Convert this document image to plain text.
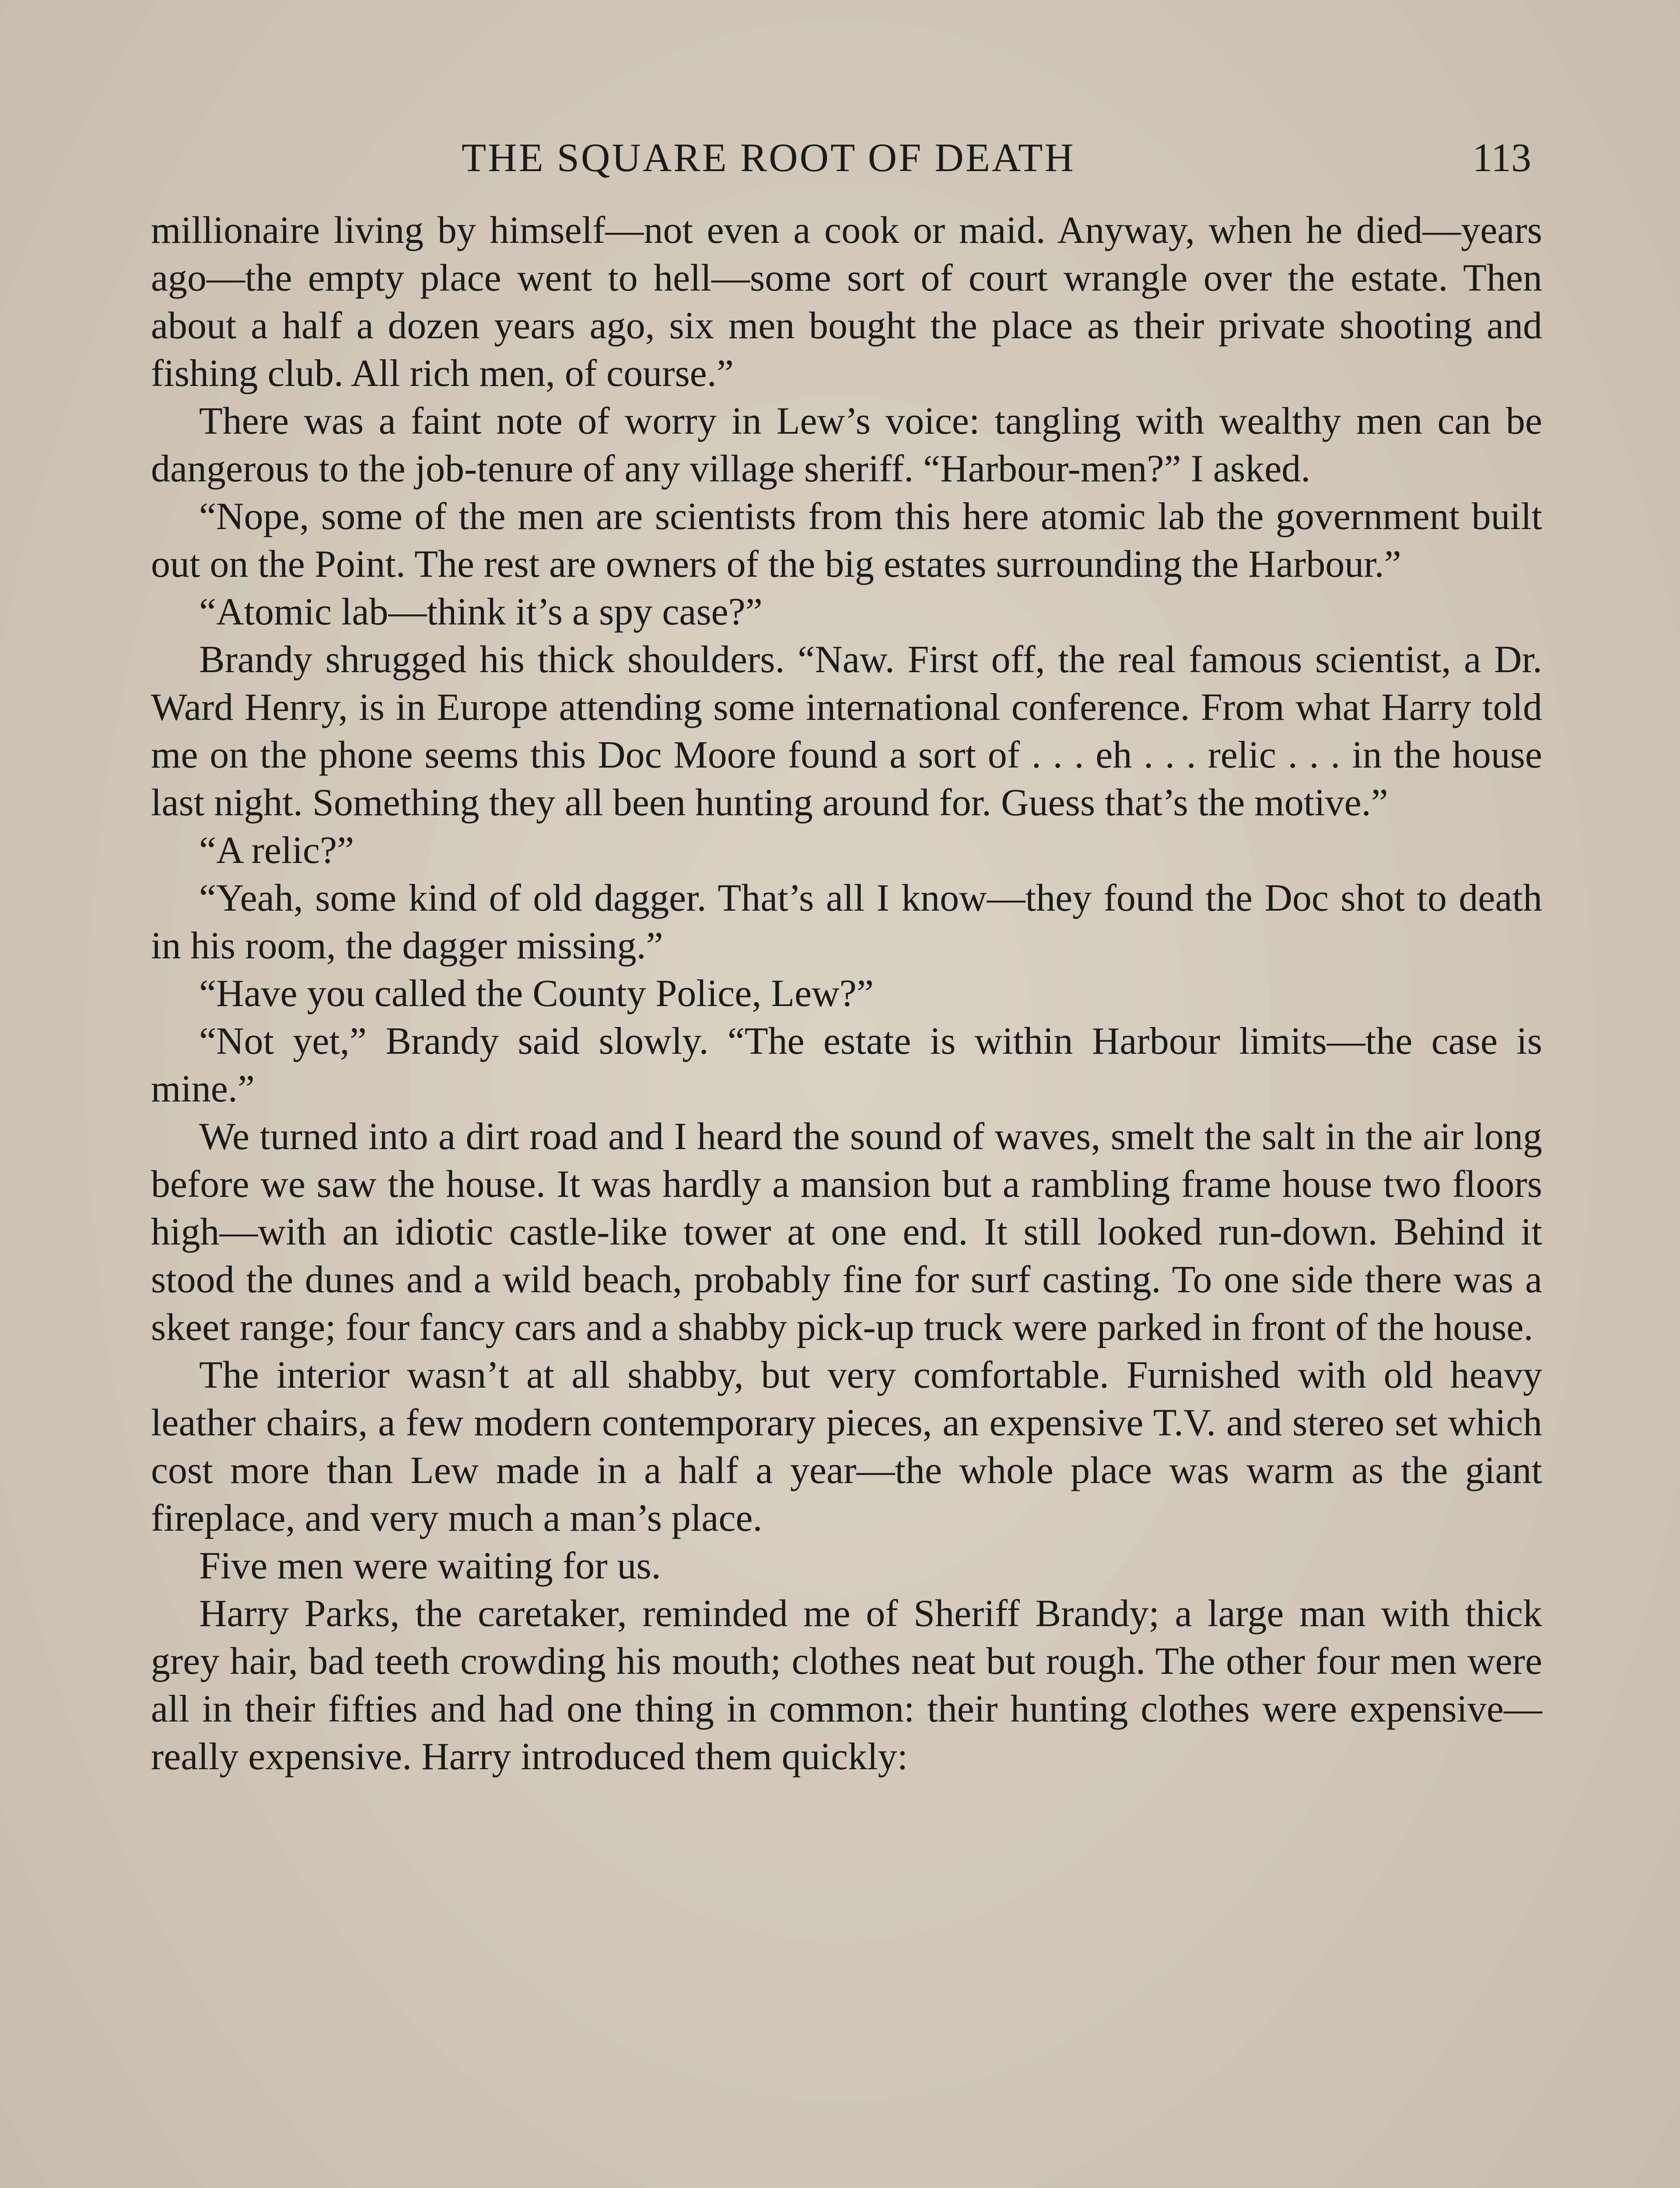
THE SQUARE ROOT OF DEATH	113

millionaire living by himself—not even a cook or maid. Anyway, when he died—years ago—the empty place went to hell—some sort of court wrangle over the estate. Then about a half a dozen years ago, six men bought the place as their private shooting and fishing club. All rich men, of course.”

There was a faint note of worry in Lew’s voice: tangling with wealthy men can be dangerous to the job-tenure of any village sheriff. “Harbour-men?” I asked.

“Nope, some of the men are scientists from this here atomic lab the government built out on the Point. The rest are owners of the big estates surrounding the Harbour.”

“Atomic lab—think it’s a spy case?”

Brandy shrugged his thick shoulders. “Naw. First off, the real famous scientist, a Dr. Ward Henry, is in Europe attending some international conference. From what Harry told me on the phone seems this Doc Moore found a sort of . . . eh . . . relic . . . in the house last night. Something they all been hunting around for. Guess that’s the motive.”

“A relic?”

“Yeah, some kind of old dagger. That’s all I know—they found the Doc shot to death in his room, the dagger missing.”

“Have you called the County Police, Lew?”

“Not yet,” Brandy said slowly. “The estate is within Harbour limits—the case is mine.”

We turned into a dirt road and I heard the sound of waves, smelt the salt in the air long before we saw the house. It was hardly a mansion but a rambling frame house two floors high—with an idiotic castle-like tower at one end. It still looked run-down. Behind it stood the dunes and a wild beach, probably fine for surf casting. To one side there was a skeet range; four fancy cars and a shabby pick-up truck were parked in front of the house.

The interior wasn’t at all shabby, but very comfortable. Furnished with old heavy leather chairs, a few modern contemporary pieces, an expensive T.V. and stereo set which cost more than Lew made in a half a year—the whole place was warm as the giant fireplace, and very much a man’s place.

Five men were waiting for us.

Harry Parks, the caretaker, reminded me of Sheriff Brandy; a large man with thick grey hair, bad teeth crowding his mouth; clothes neat but rough. The other four men were all in their fifties and had one thing in common: their hunting clothes were expensive—really expensive. Harry introduced them quickly:
